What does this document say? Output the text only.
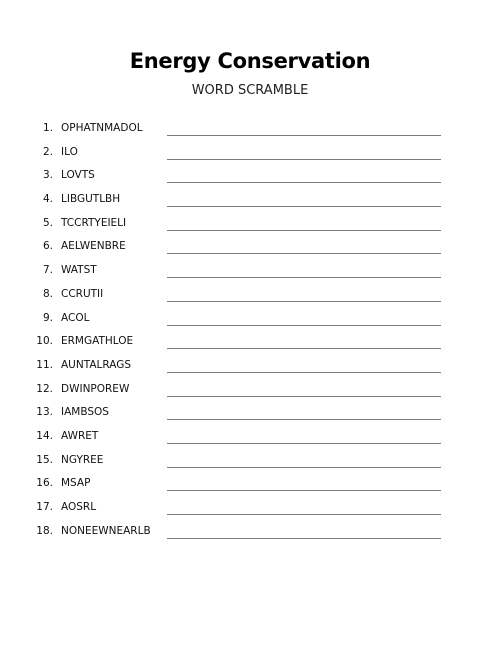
Energy Conservation
WORD SCRAMBLE
1. OPHATNMADOL
2. ILO
3. LOVTS
4. LIBGUTLBH
5. TCCRTYEIELI
6. AELWENBRE
7. WATST
8. CCRUTII
9. ACOL
10. ERMGATHLOE
11. AUNTALRAGS
12. DWINPOREW
13. IAMBSOS
14. AWRET
15. NGYREE
16. MSAP
17. AOSRL
18. NONEEWNEARLB
